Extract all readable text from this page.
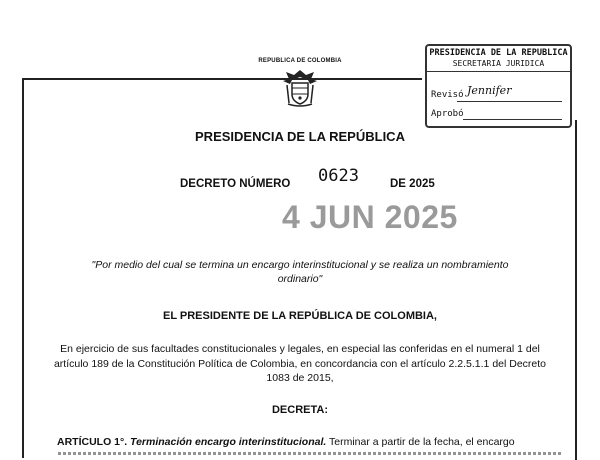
REPUBLICA DE COLOMBIA
PRESIDENCIA DE LA REPUBLICA
SECRETARIA JURIDICA
Revisó Jennifer
Aprobó
PRESIDENCIA DE LA REPÚBLICA
DECRETO NÚMERO 0623	DE 2025
4 JUN 2025
"Por medio del cual se termina un encargo interinstitucional y se realiza un nombramiento ordinario"
EL PRESIDENTE DE LA REPÚBLICA DE COLOMBIA,
En ejercicio de sus facultades constitucionales y legales, en especial las conferidas en el numeral 1 del artículo 189 de la Constitución Política de Colombia, en concordancia con el artículo 2.2.5.1.1 del Decreto 1083 de 2015,
DECRETA:
ARTÍCULO 1°. Terminación encargo interinstitucional. Terminar a partir de la fecha, el encargo
